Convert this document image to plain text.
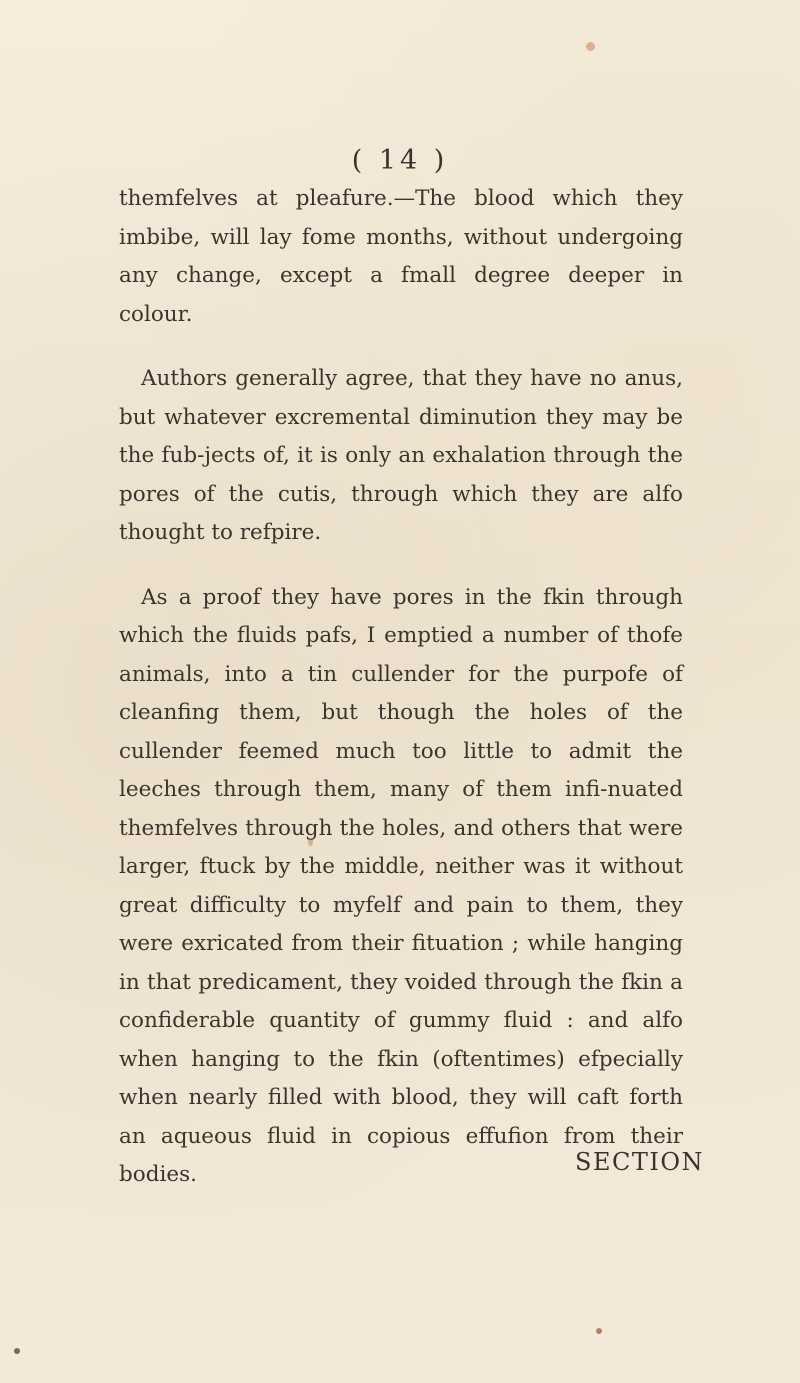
( 14 )

themfelves at pleafure.—The blood which they imbibe, will lay fome months, without undergoing any change, except a fmall degree deeper in colour.

Authors generally agree, that they have no anus, but whatever excremental diminution they may be the fub-jects of, it is only an exhalation through the pores of the cutis, through which they are alfo thought to refpire.

As a proof they have pores in the fkin through which the fluids pafs, I emptied a number of thofe animals, into a tin cullender for the purpofe of cleanfing them, but though the holes of the cullender feemed much too little to admit the leeches through them, many of them infi-nuated themfelves through the holes, and others that were larger, ftuck by the middle, neither was it without great difficulty to myfelf and pain to them, they were exricated from their fituation ; while hanging in that predicament, they voided through the fkin a confiderable quantity of gummy fluid : and alfo when hanging to the fkin (oftentimes) efpecially when nearly filled with blood, they will caft forth an aqueous fluid in copious effufion from their bodies.	SECTION
